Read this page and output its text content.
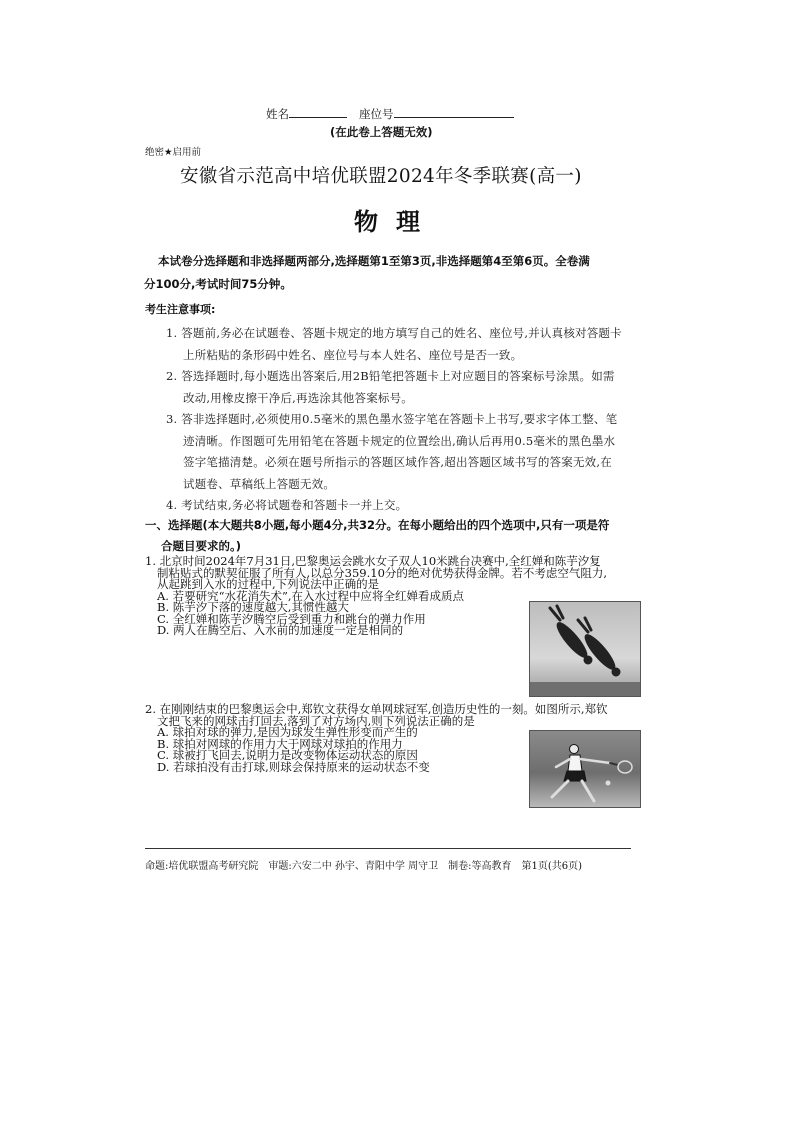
姓名	座位号
(在此卷上答题无效)
绝密★启用前
安徽省示范高中培优联盟2024年冬季联赛(高一)
物理
本试卷分选择题和非选择题两部分,选择题第1至第3页,非选择题第4至第6页。全卷满
分100分,考试时间75分钟。
考生注意事项:
1. 答题前,务必在试题卷、答题卡规定的地方填写自己的姓名、座位号,并认真核对答题卡
上所粘贴的条形码中姓名、座位号与本人姓名、座位号是否一致。
2. 答选择题时,每小题选出答案后,用2B铅笔把答题卡上对应题目的答案标号涂黑。如需
改动,用橡皮擦干净后,再选涂其他答案标号。
3. 答非选择题时,必须使用0.5毫米的黑色墨水签字笔在答题卡上书写,要求字体工整、笔
迹清晰。作图题可先用铅笔在答题卡规定的位置绘出,确认后再用0.5毫米的黑色墨水
签字笔描清楚。必须在题号所指示的答题区域作答,超出答题区域书写的答案无效,在
试题卷、草稿纸上答题无效。
4. 考试结束,务必将试题卷和答题卡一并上交。
一、选择题(本大题共8小题,每小题4分,共32分。在每小题给出的四个选项中,只有一项是符
合题目要求的。)
1. 北京时间2024年7月31日,巴黎奥运会跳水女子双人10米跳台决赛中,全红婵和陈芋汐复
制粘贴式的默契征服了所有人,以总分359.10分的绝对优势获得金牌。若不考虑空气阻力,
从起跳到入水的过程中,下列说法中正确的是
A. 若要研究“水花消失术”,在入水过程中应将全红婵看成质点
B. 陈芋汐下落的速度越大,其惯性越大
C. 全红婵和陈芋汐腾空后受到重力和跳台的弹力作用
D. 两人在腾空后、入水前的加速度一定是相同的
2. 在刚刚结束的巴黎奥运会中,郑钦文获得女单网球冠军,创造历史性的一刻。如图所示,郑钦
文把飞来的网球击打回去,落到了对方场内,则下列说法正确的是
A. 球拍对球的弹力,是因为球发生弹性形变而产生的
B. 球拍对网球的作用力大于网球对球拍的作用力
C. 球被打飞回去,说明力是改变物体运动状态的原因
D. 若球拍没有击打球,则球会保持原来的运动状态不变
命题:培优联盟高考研究院　审题:六安二中 孙宇、青阳中学 周守卫　制卷:等高教育　第1页(共6页)
